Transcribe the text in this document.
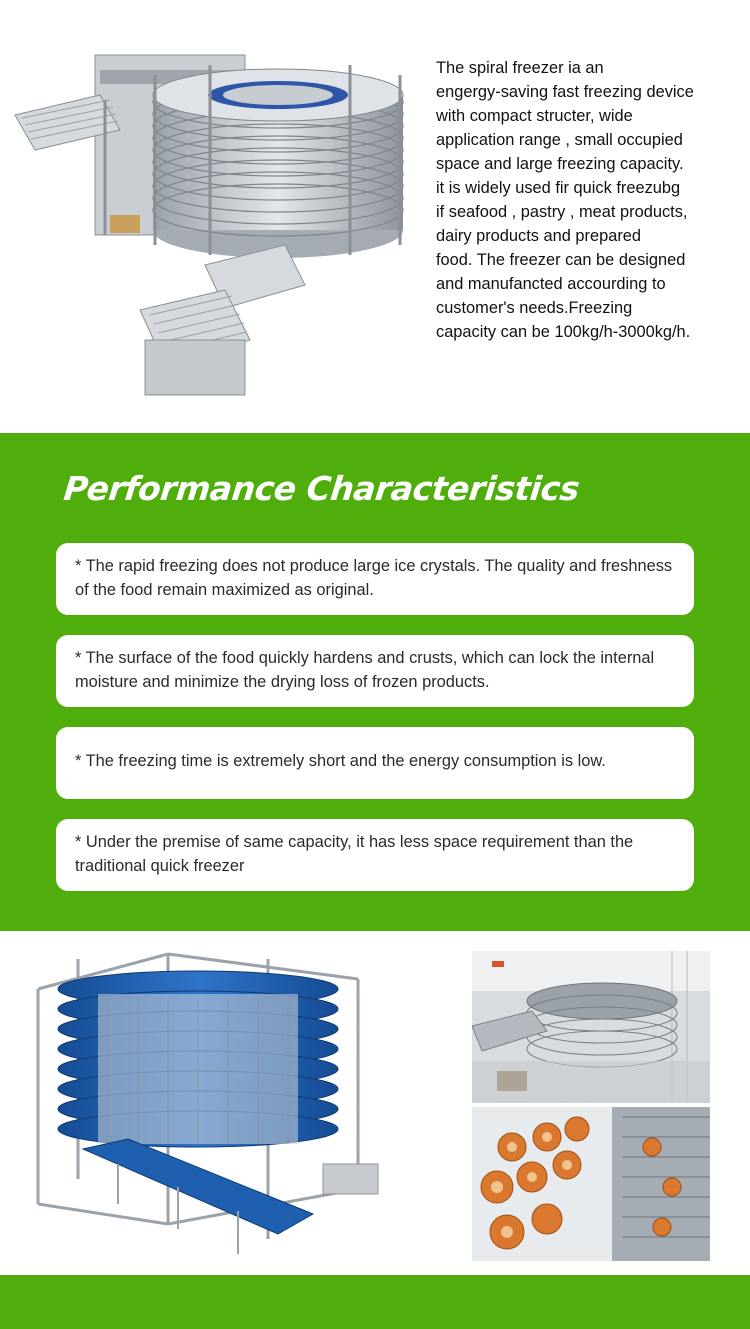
The spiral freezer ia an
engergy-saving fast freezing device
with compact structer, wide
application range , small occupied
space and large freezing capacity.
it is widely used fir quick freezubg
if seafood , pastry , meat products,
dairy products and prepared
food. The freezer can be designed
and manufancted accourding to
customer's needs.Freezing
capacity can be 100kg/h-3000kg/h.

Performance Characteristics
* The rapid freezing does not produce large ice crystals. The quality and freshness of the food remain maximized as original.
* The surface of the food quickly hardens and crusts, which can lock the internal moisture and minimize the drying loss of frozen products.
* The freezing time is extremely short and the energy consumption is low.
* Under the premise of same capacity, it has less space requirement than the traditional quick freezer
